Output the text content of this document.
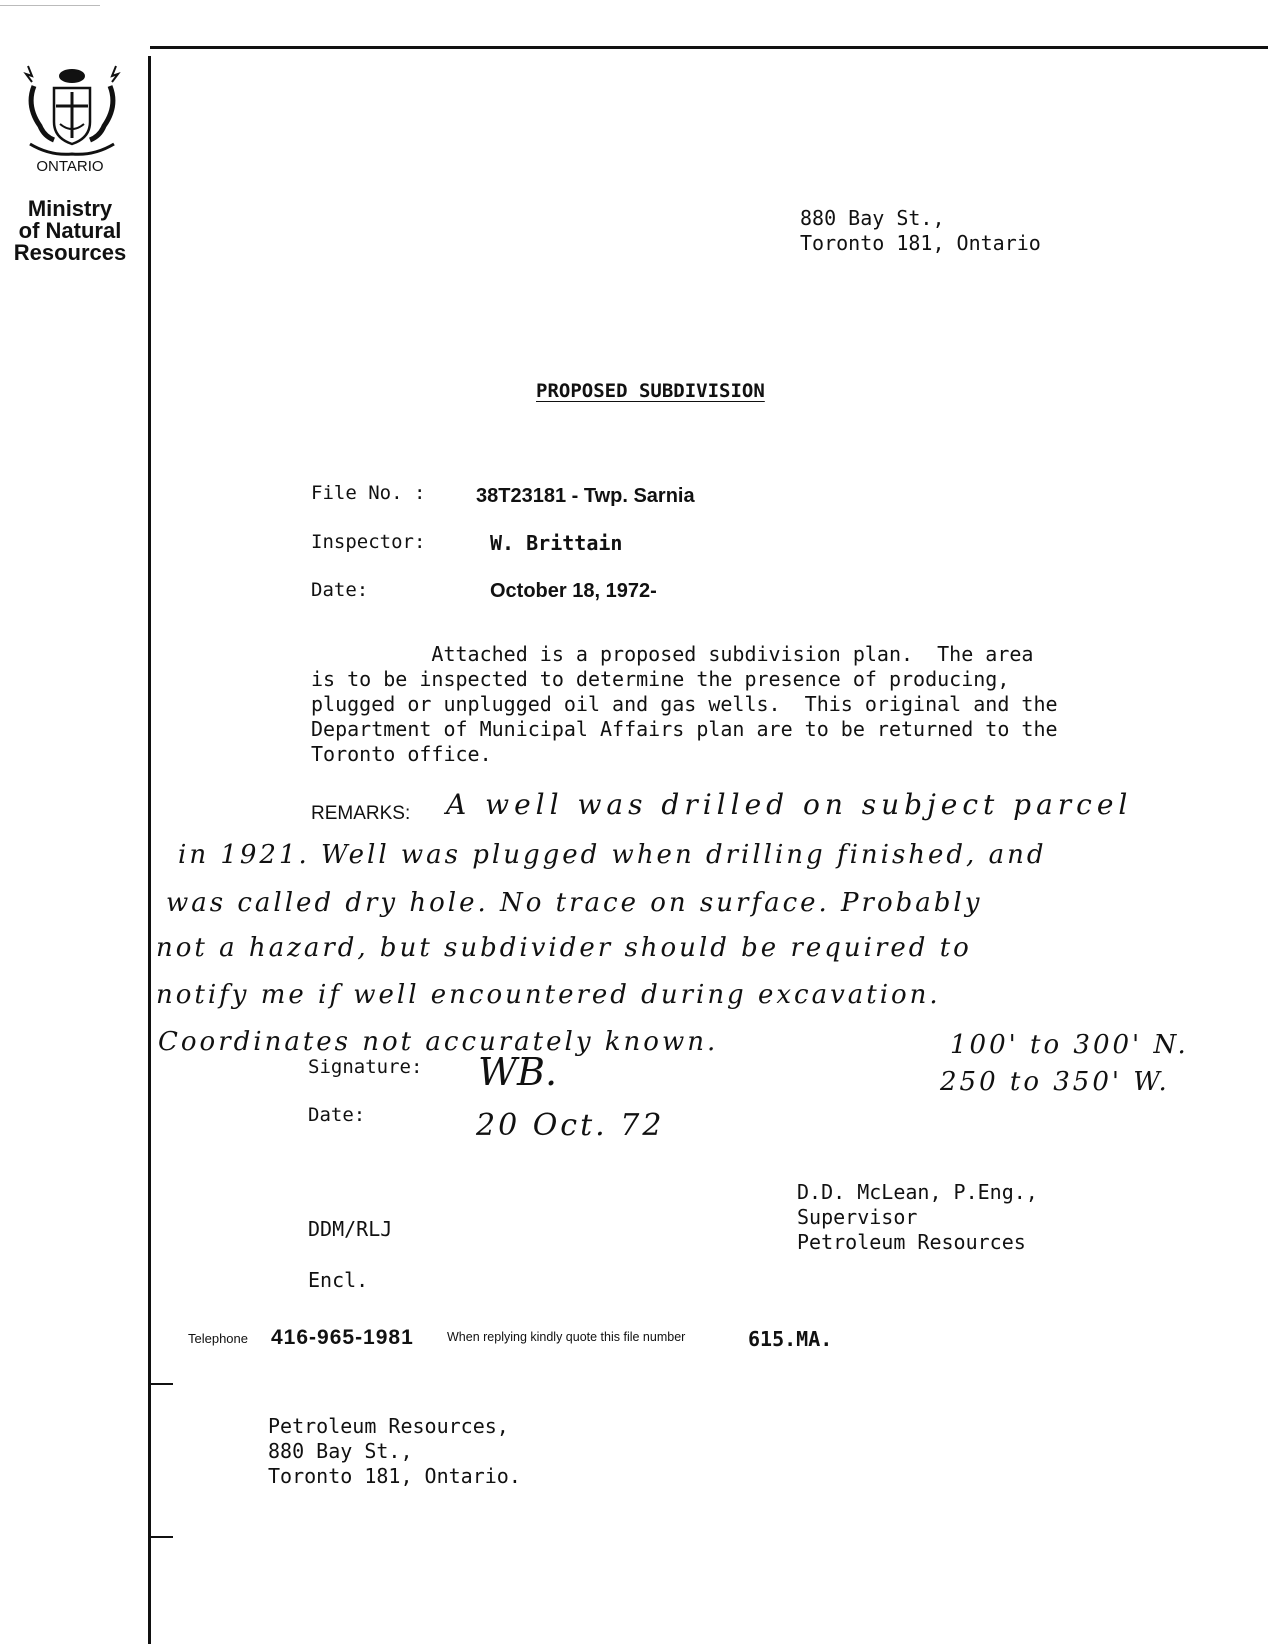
ONTARIO
Ministry
of Natural
Resources
880 Bay St.,
Toronto 181, Ontario
PROPOSED SUBDIVISION
File No. :	38T23181 - Twp. Sarnia
Inspector:	W. Brittain
Date:	October 18, 1972-

Attached is a proposed subdivision plan.  The area

is to be inspected to determine the presence of producing,

plugged or unplugged oil and gas wells.  This original and the

Department of Municipal Affairs plan are to be returned to the

Toronto office.

REMARKS: A well was drilled on subject parcel
in 1921. Well was plugged when drilling finished, and
was called dry hole. No trace on surface. Probably
not a hazard, but subdivider should be required to
notify me if well encountered during excavation.
Coordinates not accurately known.	100' to 300' N.
250 to 350' W.
Signature: WB.
Date:	20 Oct. 72
D.D. McLean, P.Eng.,
Supervisor
Petroleum Resources
DDM/RLJ
Encl.
Telephone 416-965-1981	When replying kindly quote this file number	615.MA.
Petroleum Resources,
880 Bay St.,
Toronto 181, Ontario.
